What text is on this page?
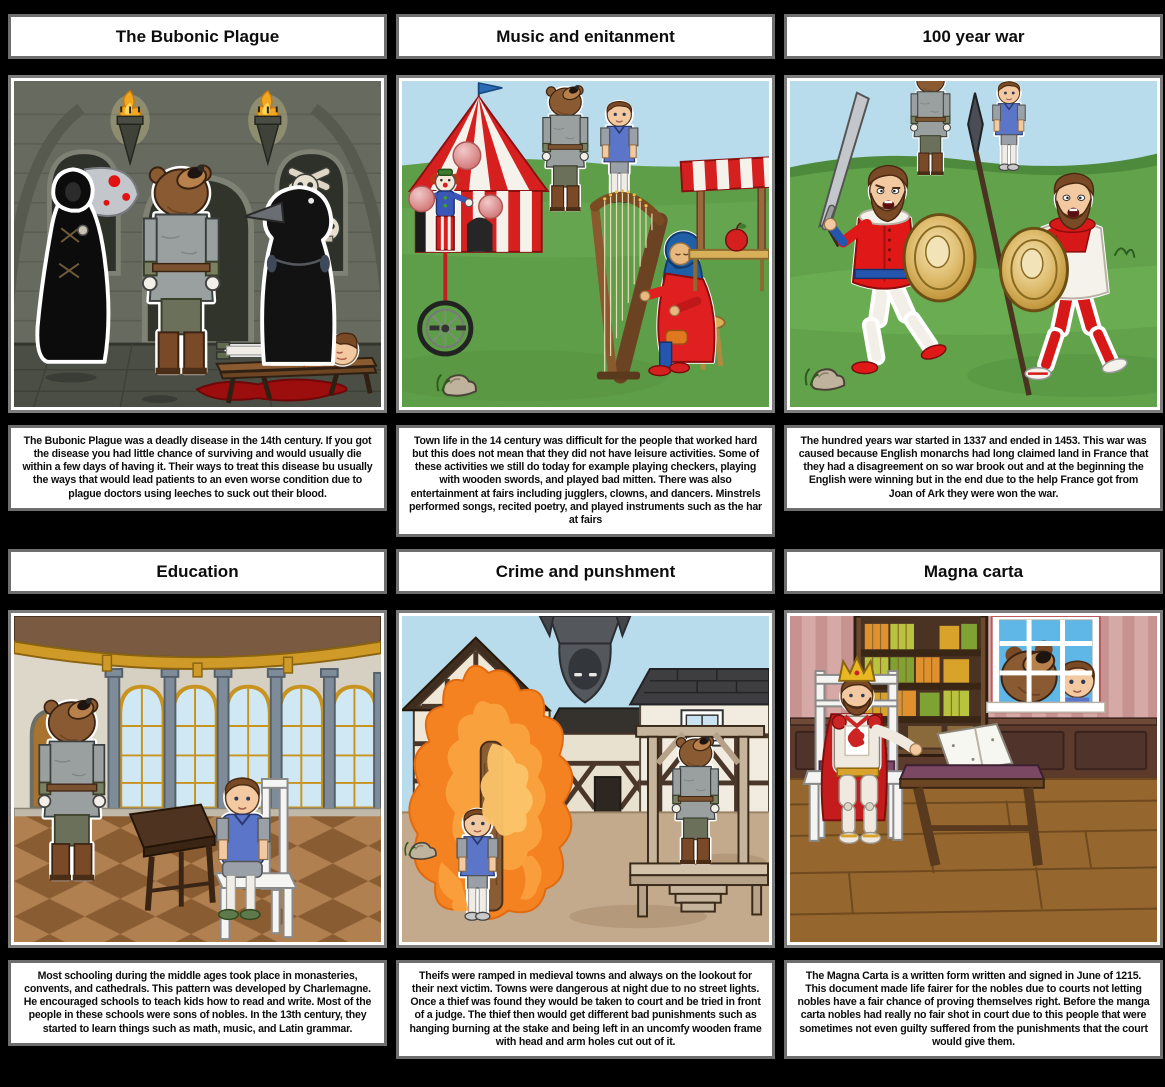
The Bubonic Plague
The Bubonic Plague was a deadly disease in the 14th century. If you got the disease you had little chance of surviving and would usually die within a few days of having it. Their ways to treat this disease bu usually the ways that would lead patients to an even worse condition due to plague doctors using leeches to suck out their blood.
Music and enitanment
Town life in the 14 century was difficult for the people that worked hard but this does not mean that they did not have leisure activities. Some of these activities we still do today for example playing checkers, playing with wooden swords, and played bad mitten. There was also entertainment at fairs including jugglers, clowns, and dancers. Minstrels performed songs, recited poetry, and played instruments such as the har at fairs
100 year war
The hundred years war started in 1337 and ended in 1453. This war was caused because English monarchs had long claimed land in France that they had a disagreement on so war brook out and at the beginning the English were winning but in the end due to the help France got from Joan of Ark they were won the war.
Education
Most schooling during the middle ages took place in monasteries, convents, and cathedrals. This pattern was developed by Charlemagne. He encouraged schools to teach kids how to read and write. Most of the people in these schools were sons of nobles. In the 13th century, they started to learn things such as math, music, and Latin grammar.
Crime and punshment
Theifs were ramped in medieval towns and always on the lookout for their next victim. Towns were dangerous at night due to no street lights. Once a thief was found they would be taken to court and be tried in front of a judge. The thief then would get different bad punishments such as hanging burning at the stake and being left in an uncomfy wooden frame with head and arm holes cut out of it.
Magna carta
The Magna Carta is a written form written and signed in June of 1215. This document made life fairer for the nobles due to courts not letting nobles have a fair chance of proving themselves right. Before the manga carta nobles had really no fair shot in court due to this people that were sometimes not even guilty suffered from the punishments that the court would give them.
